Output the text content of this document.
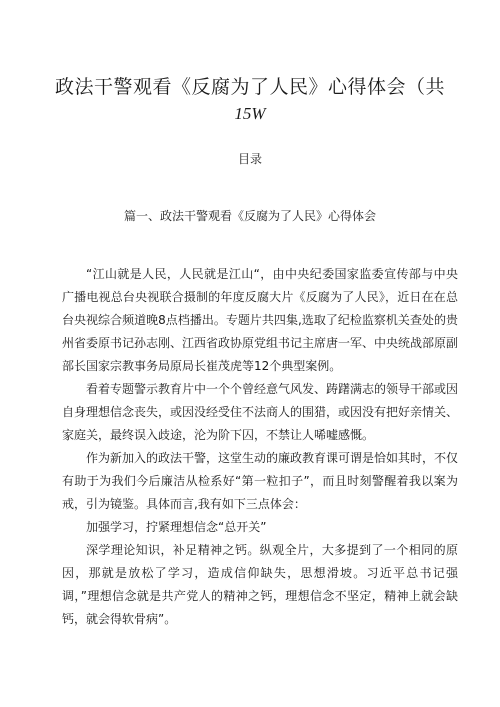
政法干警观看《反腐为了人民》心得体会（共
15W
目录
篇一、政法干警观看《反腐为了人民》心得体会

“江山就是人民，人民就是江山“，由中央纪委国家监委宣传部与中央广播电视总台央视联合摄制的年度反腐大片《反腐为了人民》，近日在在总台央视综合频道晚8点档播出。专题片共四集,选取了纪检监察机关查处的贵州省委原书记孙志刚、江西省政协原党组书记主席唐一军、中央统战部原副部长国家宗教事务局原局长崔茂虎等12个典型案例。

看着专题警示教育片中一个个曾经意气风发、踌躇满志的领导干部或因自身理想信念丧失，或因没经受住不法商人的围猎，或因没有把好亲情关、家庭关，最终误入歧途，沦为阶下囚，不禁让人唏嘘感慨。

作为新加入的政法干警，这堂生动的廉政教育课可谓是恰如其时，不仅有助于为我们今后廉洁从检系好“第一粒扣子”，而且时刻警醒着我以案为戒，引为镜鉴。具体而言,我有如下三点体会：

加强学习，拧紧理想信念“总开关”

深学理论知识，补足精神之钙。纵观全片，大多提到了一个相同的原因，那就是放松了学习，造成信仰缺失，思想滑坡。习近平总书记强调，”理想信念就是共产党人的精神之钙，理想信念不坚定，精神上就会缺钙，就会得软骨病”。
